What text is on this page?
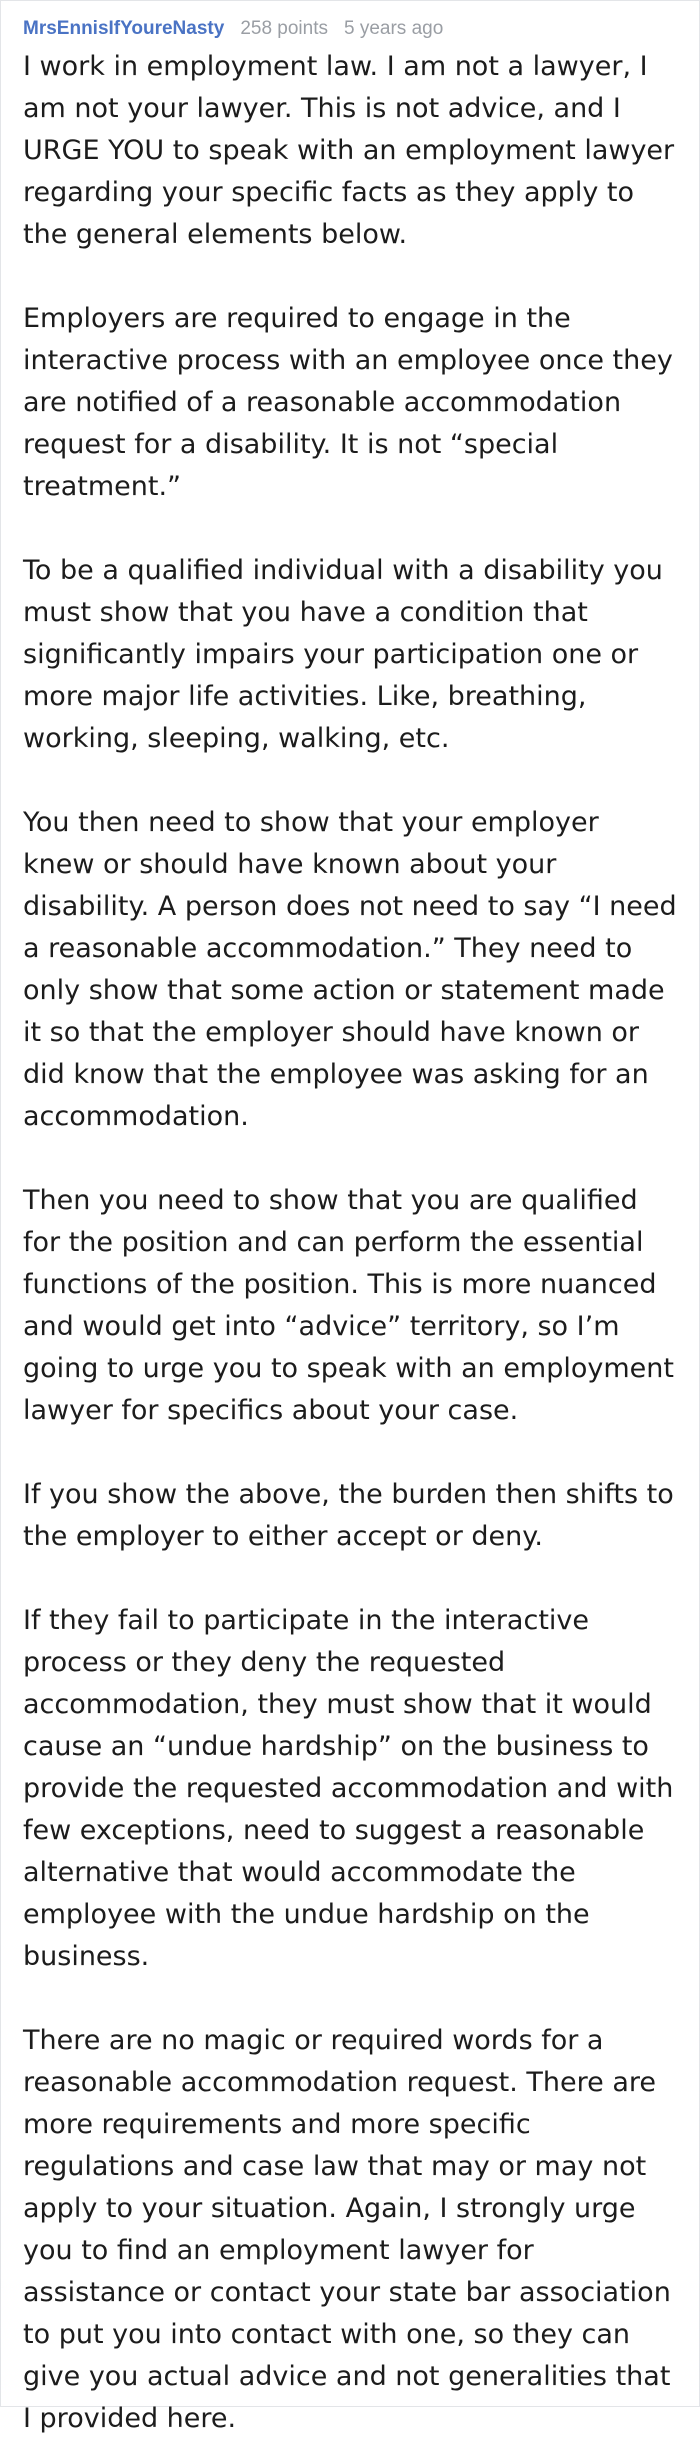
MrsEnnisIfYoureNasty 258 points 5 years ago

I work in employment law. I am not a lawyer, I am not your lawyer. This is not advice, and I URGE YOU to speak with an employment lawyer regarding your specific facts as they apply to the general elements below.

Employers are required to engage in the interactive process with an employee once they are notified of a reasonable accommodation request for a disability. It is not “special treatment.”

To be a qualified individual with a disability you must show that you have a condition that significantly impairs your participation one or more major life activities. Like, breathing, working, sleeping, walking, etc.

You then need to show that your employer knew or should have known about your disability. A person does not need to say “I need a reasonable accommodation.” They need to only show that some action or statement made it so that the employer should have known or did know that the employee was asking for an accommodation.

Then you need to show that you are qualified for the position and can perform the essential functions of the position. This is more nuanced and would get into “advice” territory, so I’m going to urge you to speak with an employment lawyer for specifics about your case.

If you show the above, the burden then shifts to the employer to either accept or deny.

If they fail to participate in the interactive process or they deny the requested accommodation, they must show that it would cause an “undue hardship” on the business to provide the requested accommodation and with few exceptions, need to suggest a reasonable alternative that would accommodate the employee with the undue hardship on the business.

There are no magic or required words for a reasonable accommodation request. There are more requirements and more specific regulations and case law that may or may not apply to your situation. Again, I strongly urge you to find an employment lawyer for assistance or contact your state bar association to put you into contact with one, so they can give you actual advice and not generalities that I provided here.
